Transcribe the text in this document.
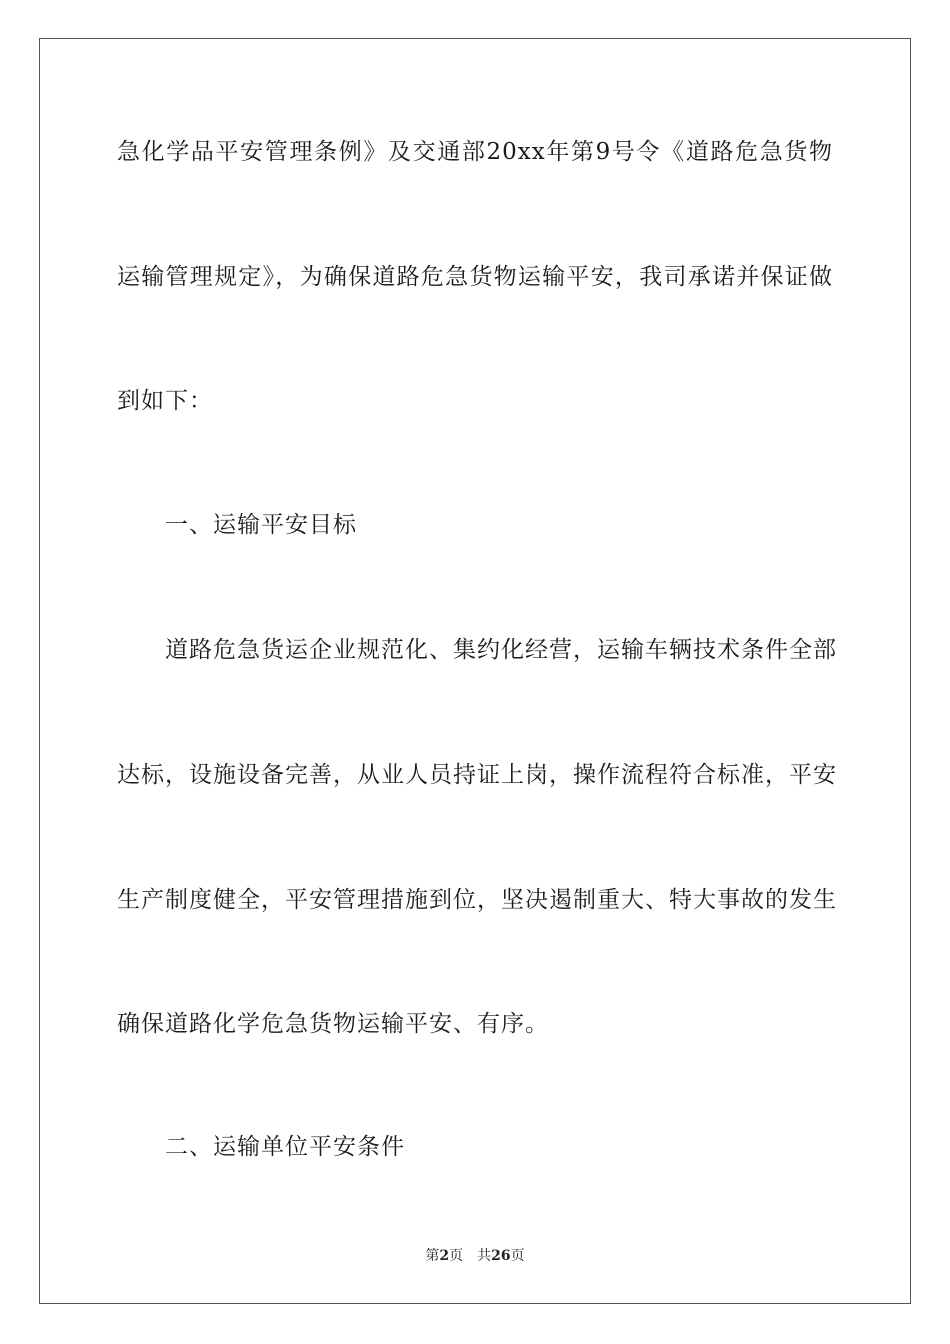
急化学品平安管理条例》及交通部20xx年第9号令《道路危急货物
运输管理规定》，为确保道路危急货物运输平安，我司承诺并保证做
到如下：
一、运输平安目标
道路危急货运企业规范化、集约化经营，运输车辆技术条件全部
达标，设施设备完善，从业人员持证上岗，操作流程符合标准，平安
生产制度健全，平安管理措施到位，坚决遏制重大、特大事故的发生
确保道路化学危急货物运输平安、有序。
二、运输单位平安条件
第2页 共26页
